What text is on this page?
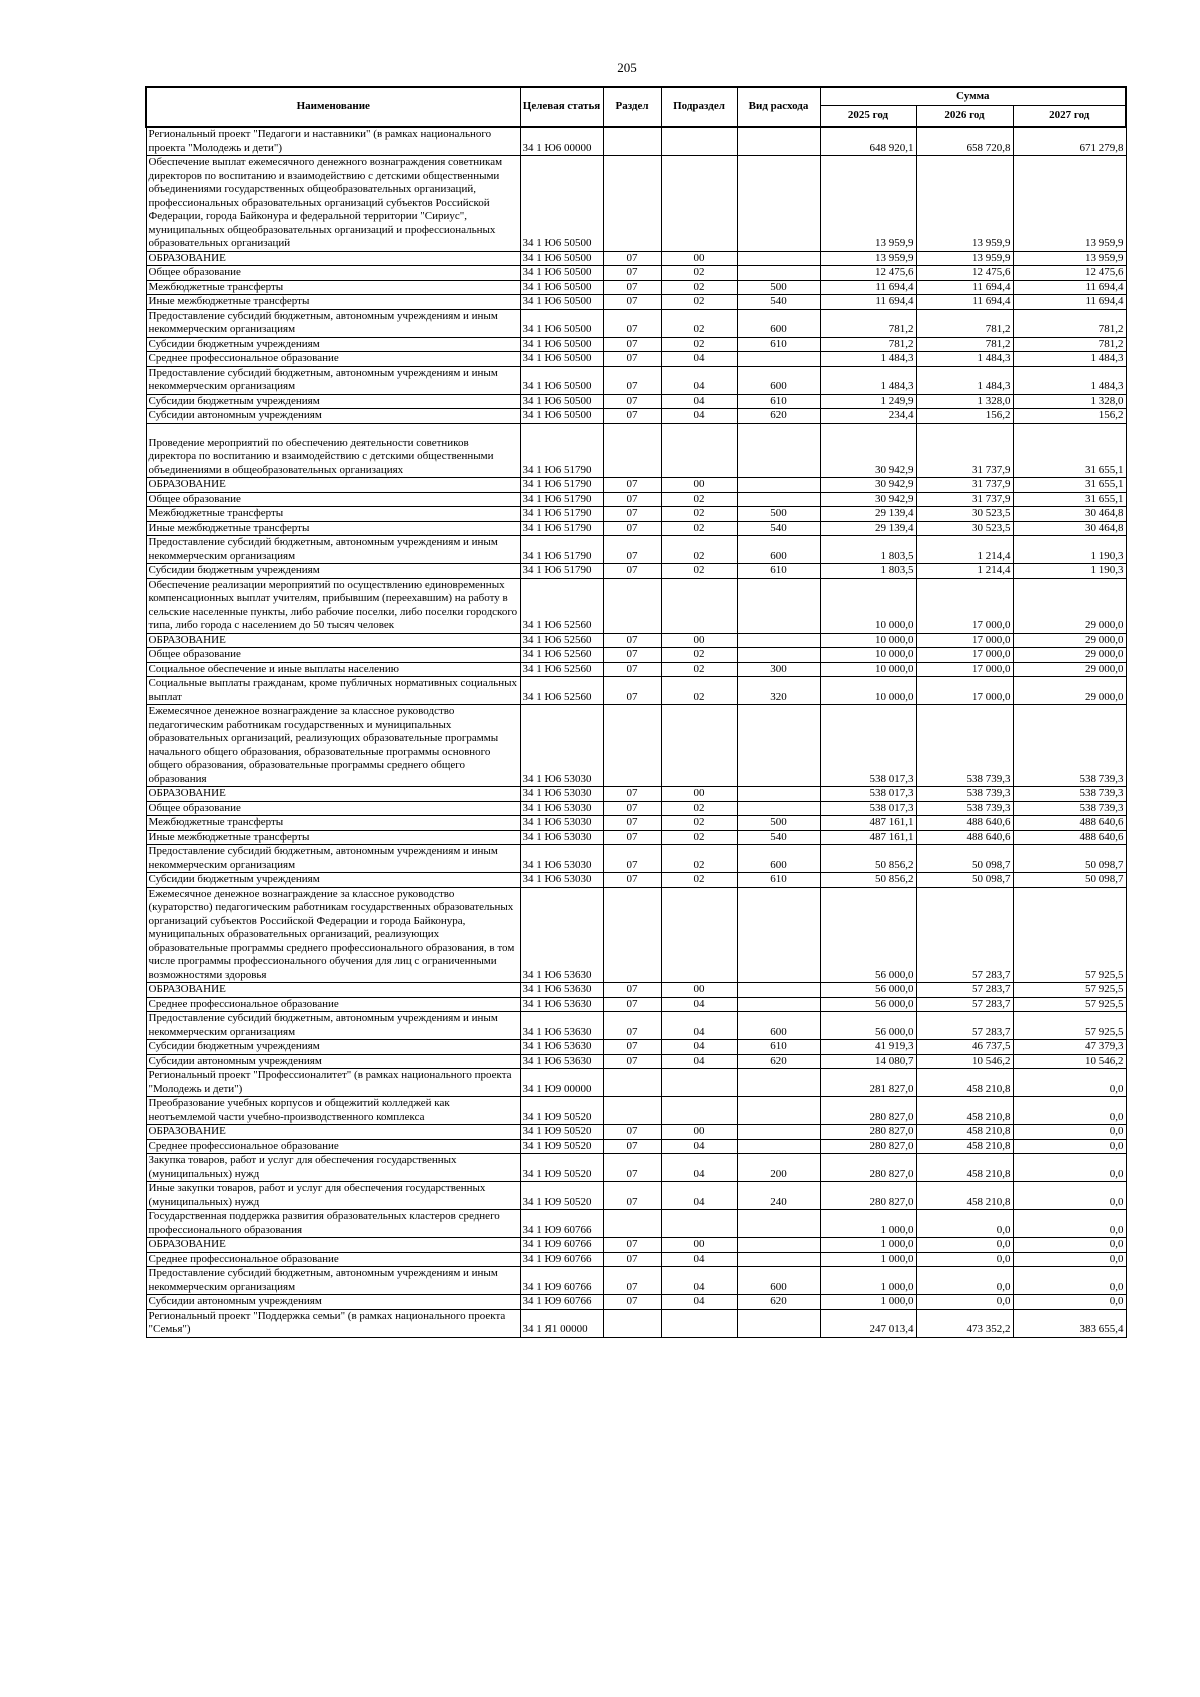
205
Наименование	Целевая статья	Раздел	Подраздел	Вид расхода	Сумма		
					2025 год	2026 год	2027 год
Региональный проект "Педагоги и наставники" (в рамках национального проекта "Молодежь и дети")	34 1 Ю6 00000				648 920,1	658 720,8	671 279,8
Обеспечение выплат ежемесячного денежного вознаграждения советникам директоров по воспитанию и взаимодействию с детскими общественными объединениями государственных общеобразовательных организаций, профессиональных образовательных организаций субъектов Российской Федерации, города Байконура и федеральной территории "Сириус", муниципальных общеобразовательных организаций и профессиональных образовательных организаций	34 1 Ю6 50500				13 959,9	13 959,9	13 959,9
ОБРАЗОВАНИЕ	34 1 Ю6 50500	07	00		13 959,9	13 959,9	13 959,9
Общее образование	34 1 Ю6 50500	07	02		12 475,6	12 475,6	12 475,6
Межбюджетные трансферты	34 1 Ю6 50500	07	02	500	11 694,4	11 694,4	11 694,4
Иные межбюджетные трансферты	34 1 Ю6 50500	07	02	540	11 694,4	11 694,4	11 694,4
Предоставление субсидий бюджетным, автономным учреждениям и иным некоммерческим организациям	34 1 Ю6 50500	07	02	600	781,2	781,2	781,2
Субсидии бюджетным учреждениям	34 1 Ю6 50500	07	02	610	781,2	781,2	781,2
Среднее профессиональное образование	34 1 Ю6 50500	07	04		1 484,3	1 484,3	1 484,3
Предоставление субсидий бюджетным, автономным учреждениям и иным некоммерческим организациям	34 1 Ю6 50500	07	04	600	1 484,3	1 484,3	1 484,3
Субсидии бюджетным учреждениям	34 1 Ю6 50500	07	04	610	1 249,9	1 328,0	1 328,0
Субсидии автономным учреждениям	34 1 Ю6 50500	07	04	620	234,4	156,2	156,2

Проведение мероприятий по обеспечению деятельности советников директора по воспитанию и взаимодействию с детскими общественными объединениями в общеобразовательных организациях	34 1 Ю6 51790				30 942,9	31 737,9	31 655,1
ОБРАЗОВАНИЕ	34 1 Ю6 51790	07	00		30 942,9	31 737,9	31 655,1
Общее образование	34 1 Ю6 51790	07	02		30 942,9	31 737,9	31 655,1
Межбюджетные трансферты	34 1 Ю6 51790	07	02	500	29 139,4	30 523,5	30 464,8
Иные межбюджетные трансферты	34 1 Ю6 51790	07	02	540	29 139,4	30 523,5	30 464,8
Предоставление субсидий бюджетным, автономным учреждениям и иным некоммерческим организациям	34 1 Ю6 51790	07	02	600	1 803,5	1 214,4	1 190,3
Субсидии бюджетным учреждениям	34 1 Ю6 51790	07	02	610	1 803,5	1 214,4	1 190,3
Обеспечение реализации мероприятий по осуществлению единовременных компенсационных выплат учителям, прибывшим (переехавшим) на работу в сельские населенные пункты, либо рабочие поселки, либо поселки городского типа, либо города с населением до 50 тысяч человек	34 1 Ю6 52560				10 000,0	17 000,0	29 000,0
ОБРАЗОВАНИЕ	34 1 Ю6 52560	07	00		10 000,0	17 000,0	29 000,0
Общее образование	34 1 Ю6 52560	07	02		10 000,0	17 000,0	29 000,0
Социальное обеспечение и иные выплаты населению	34 1 Ю6 52560	07	02	300	10 000,0	17 000,0	29 000,0
Социальные выплаты гражданам, кроме публичных нормативных социальных выплат	34 1 Ю6 52560	07	02	320	10 000,0	17 000,0	29 000,0
Ежемесячное денежное вознаграждение за классное руководство педагогическим работникам государственных и муниципальных образовательных организаций, реализующих образовательные программы начального общего образования, образовательные программы основного общего образования, образовательные программы среднего общего образования	34 1 Ю6 53030				538 017,3	538 739,3	538 739,3
ОБРАЗОВАНИЕ	34 1 Ю6 53030	07	00		538 017,3	538 739,3	538 739,3
Общее образование	34 1 Ю6 53030	07	02		538 017,3	538 739,3	538 739,3
Межбюджетные трансферты	34 1 Ю6 53030	07	02	500	487 161,1	488 640,6	488 640,6
Иные межбюджетные трансферты	34 1 Ю6 53030	07	02	540	487 161,1	488 640,6	488 640,6
Предоставление субсидий бюджетным, автономным учреждениям и иным некоммерческим организациям	34 1 Ю6 53030	07	02	600	50 856,2	50 098,7	50 098,7
Субсидии бюджетным учреждениям	34 1 Ю6 53030	07	02	610	50 856,2	50 098,7	50 098,7
Ежемесячное денежное вознаграждение за классное руководство (кураторство) педагогическим работникам государственных образовательных организаций субъектов Российской Федерации и города Байконура, муниципальных образовательных организаций, реализующих образовательные программы среднего профессионального образования, в том числе программы профессионального обучения для лиц с ограниченными возможностями здоровья	34 1 Ю6 53630				56 000,0	57 283,7	57 925,5
ОБРАЗОВАНИЕ	34 1 Ю6 53630	07	00		56 000,0	57 283,7	57 925,5
Среднее профессиональное образование	34 1 Ю6 53630	07	04		56 000,0	57 283,7	57 925,5
Предоставление субсидий бюджетным, автономным учреждениям и иным некоммерческим организациям	34 1 Ю6 53630	07	04	600	56 000,0	57 283,7	57 925,5
Субсидии бюджетным учреждениям	34 1 Ю6 53630	07	04	610	41 919,3	46 737,5	47 379,3
Субсидии автономным учреждениям	34 1 Ю6 53630	07	04	620	14 080,7	10 546,2	10 546,2
Региональный проект "Профессионалитет" (в рамках национального проекта "Молодежь и дети")	34 1 Ю9 00000				281 827,0	458 210,8	0,0
Преобразование учебных корпусов и общежитий колледжей как неотъемлемой части учебно-производственного комплекса	34 1 Ю9 50520				280 827,0	458 210,8	0,0
ОБРАЗОВАНИЕ	34 1 Ю9 50520	07	00		280 827,0	458 210,8	0,0
Среднее профессиональное образование	34 1 Ю9 50520	07	04		280 827,0	458 210,8	0,0
Закупка товаров, работ и услуг для обеспечения государственных (муниципальных) нужд	34 1 Ю9 50520	07	04	200	280 827,0	458 210,8	0,0
Иные закупки товаров, работ и услуг для обеспечения государственных (муниципальных) нужд	34 1 Ю9 50520	07	04	240	280 827,0	458 210,8	0,0
Государственная поддержка развития образовательных кластеров среднего профессионального образования	34 1 Ю9 60766				1 000,0	0,0	0,0
ОБРАЗОВАНИЕ	34 1 Ю9 60766	07	00		1 000,0	0,0	0,0
Среднее профессиональное образование	34 1 Ю9 60766	07	04		1 000,0	0,0	0,0
Предоставление субсидий бюджетным, автономным учреждениям и иным некоммерческим организациям	34 1 Ю9 60766	07	04	600	1 000,0	0,0	0,0
Субсидии автономным учреждениям	34 1 Ю9 60766	07	04	620	1 000,0	0,0	0,0
Региональный проект "Поддержка семьи" (в рамках национального проекта "Семья")	34 1 Я1 00000				247 013,4	473 352,2	383 655,4
